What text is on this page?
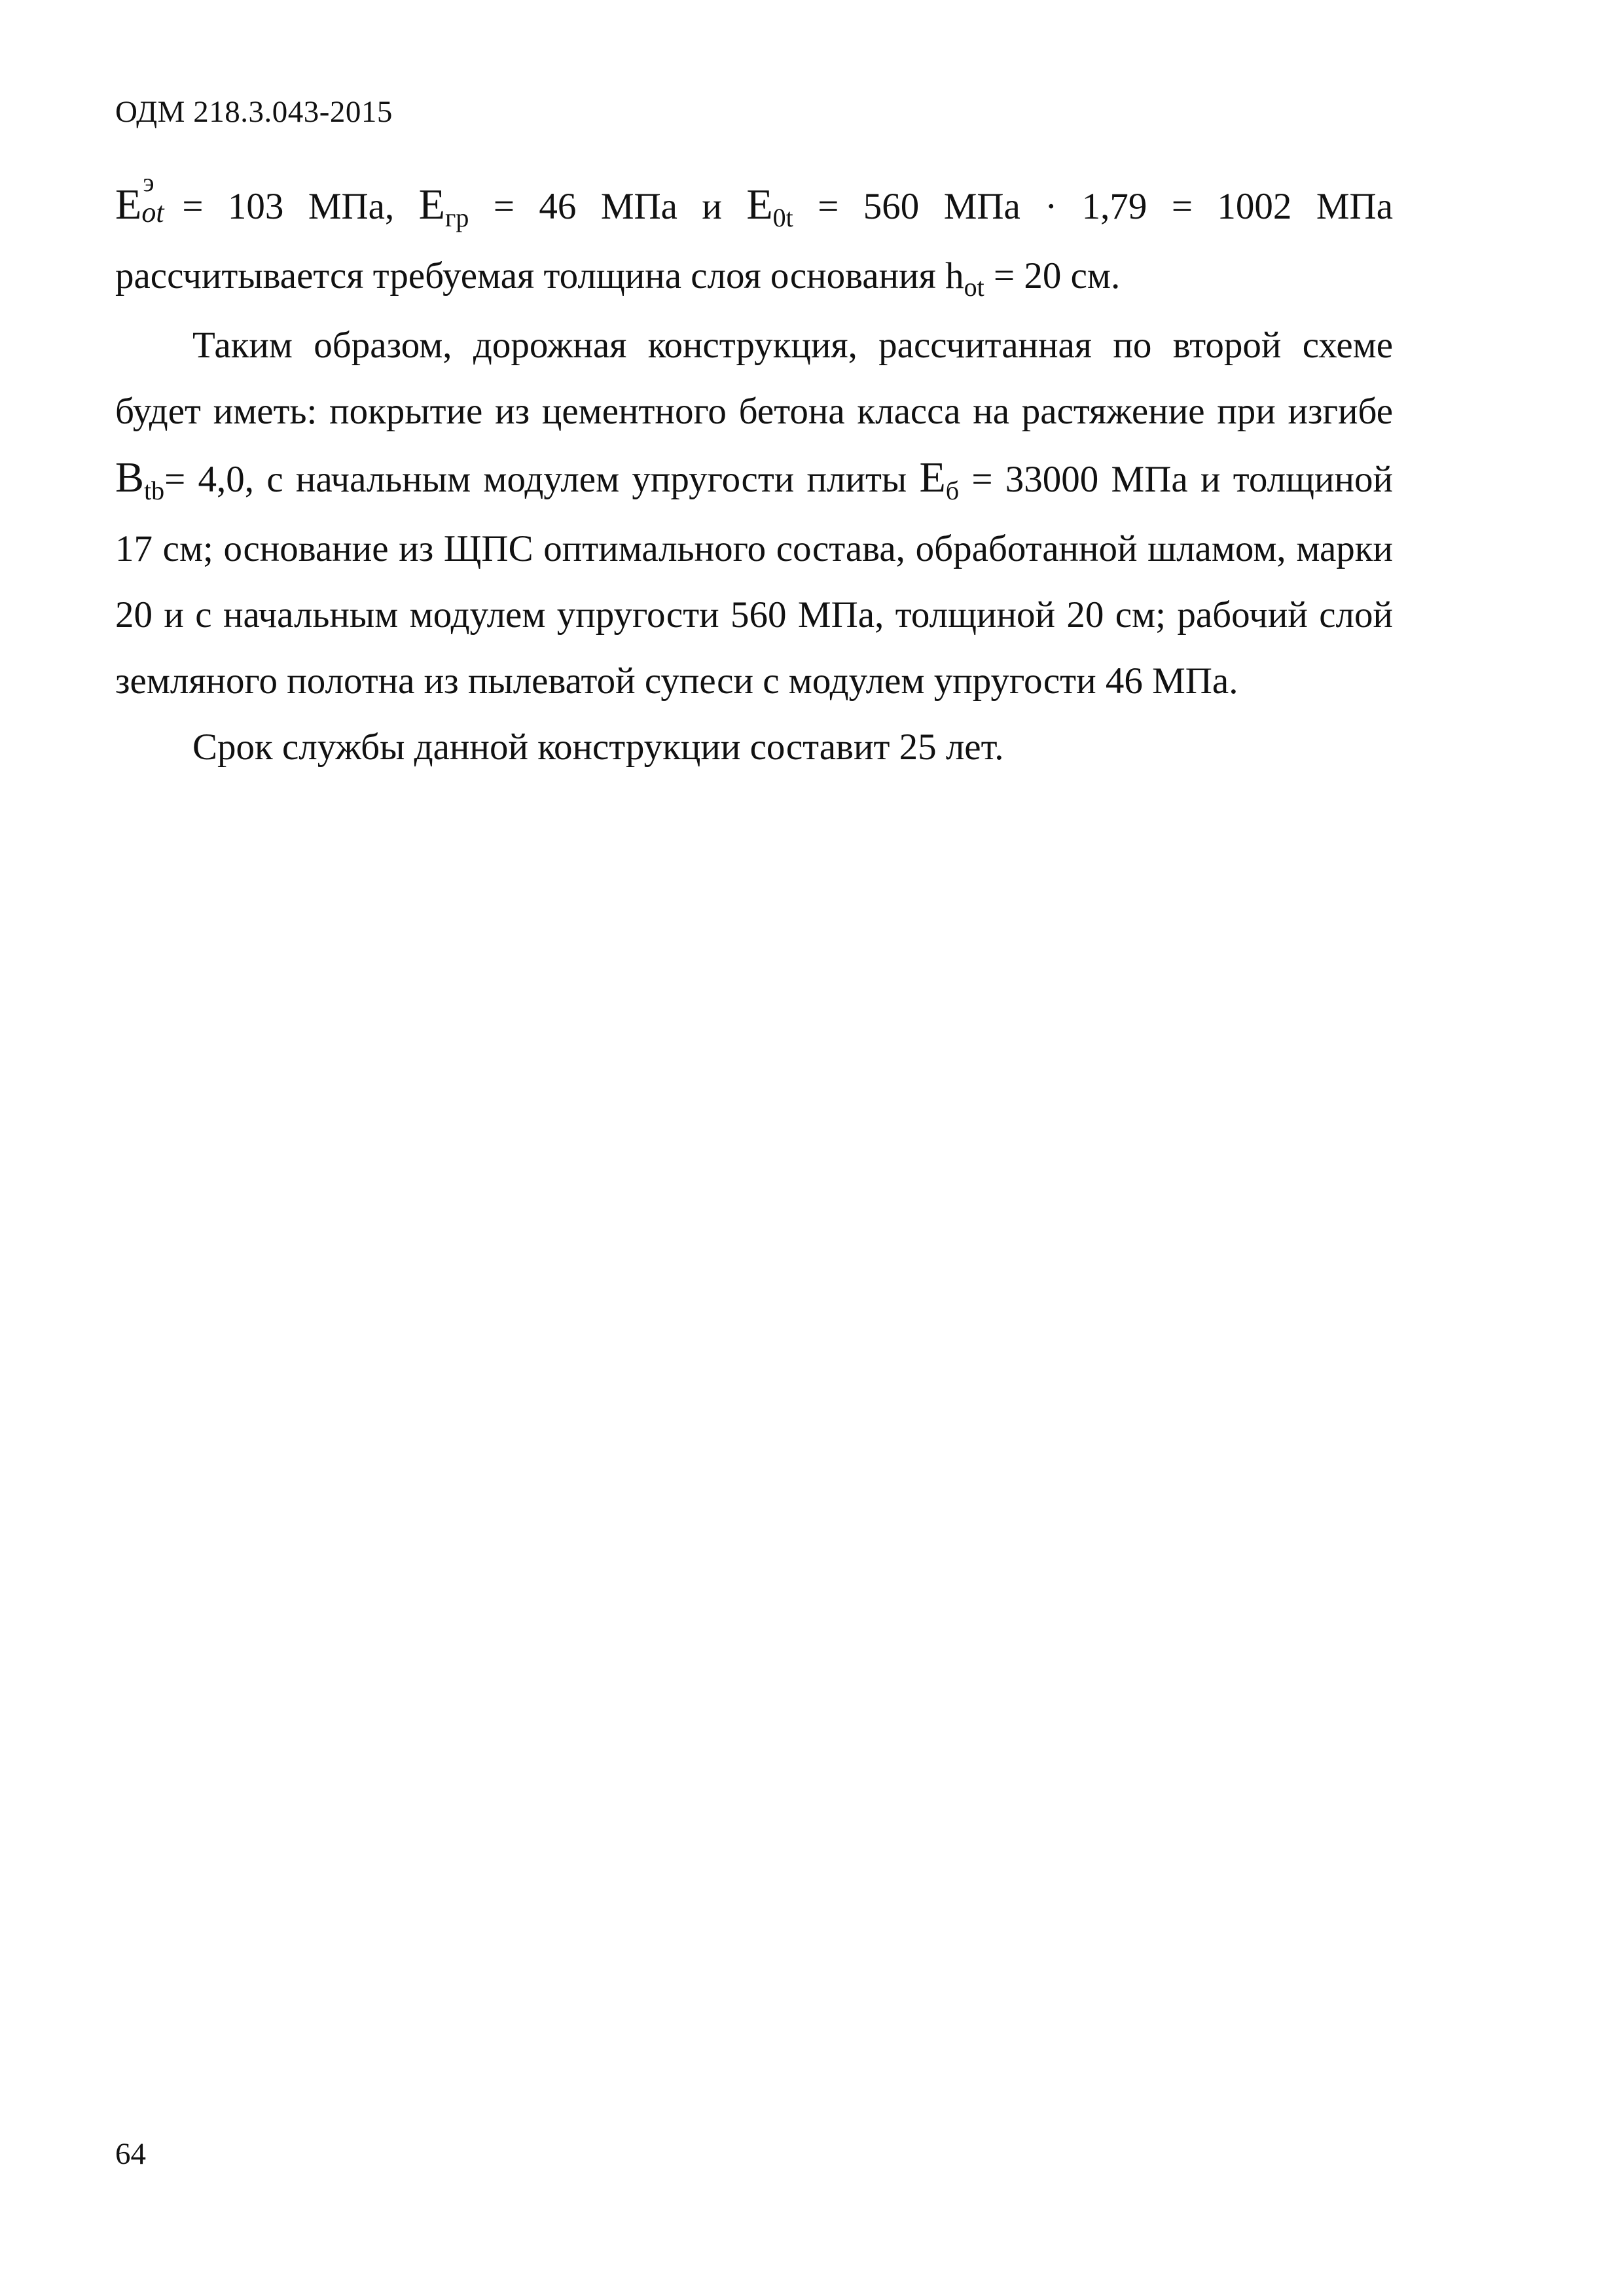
ОДМ 218.3.043-2015

E э
ot = 103 МПа, $E_{гр} = 46$ МПа и $E_{0t} = 560$ МПа · 1,79 = 1002 МПа рассчитывается требуемая толщина слоя основания $h_{ot} = 20$ см.

Таким образом, дорожная конструкция, рассчитанная по второй схеме будет иметь: покрытие из цементного бетона класса на растяжение при изгибе $B_{tb}= 4,0$, с начальным модулем упругости плиты $E_б = 33000$ МПа и толщиной 17 см; основание из ЩПС оптимального состава, обработанной шламом, марки 20 и с начальным модулем упругости 560 МПа, толщиной 20 см; рабочий слой земляного полотна из пылеватой супеси с модулем упругости 46 МПа.

Срок службы данной конструкции составит 25 лет.

64
